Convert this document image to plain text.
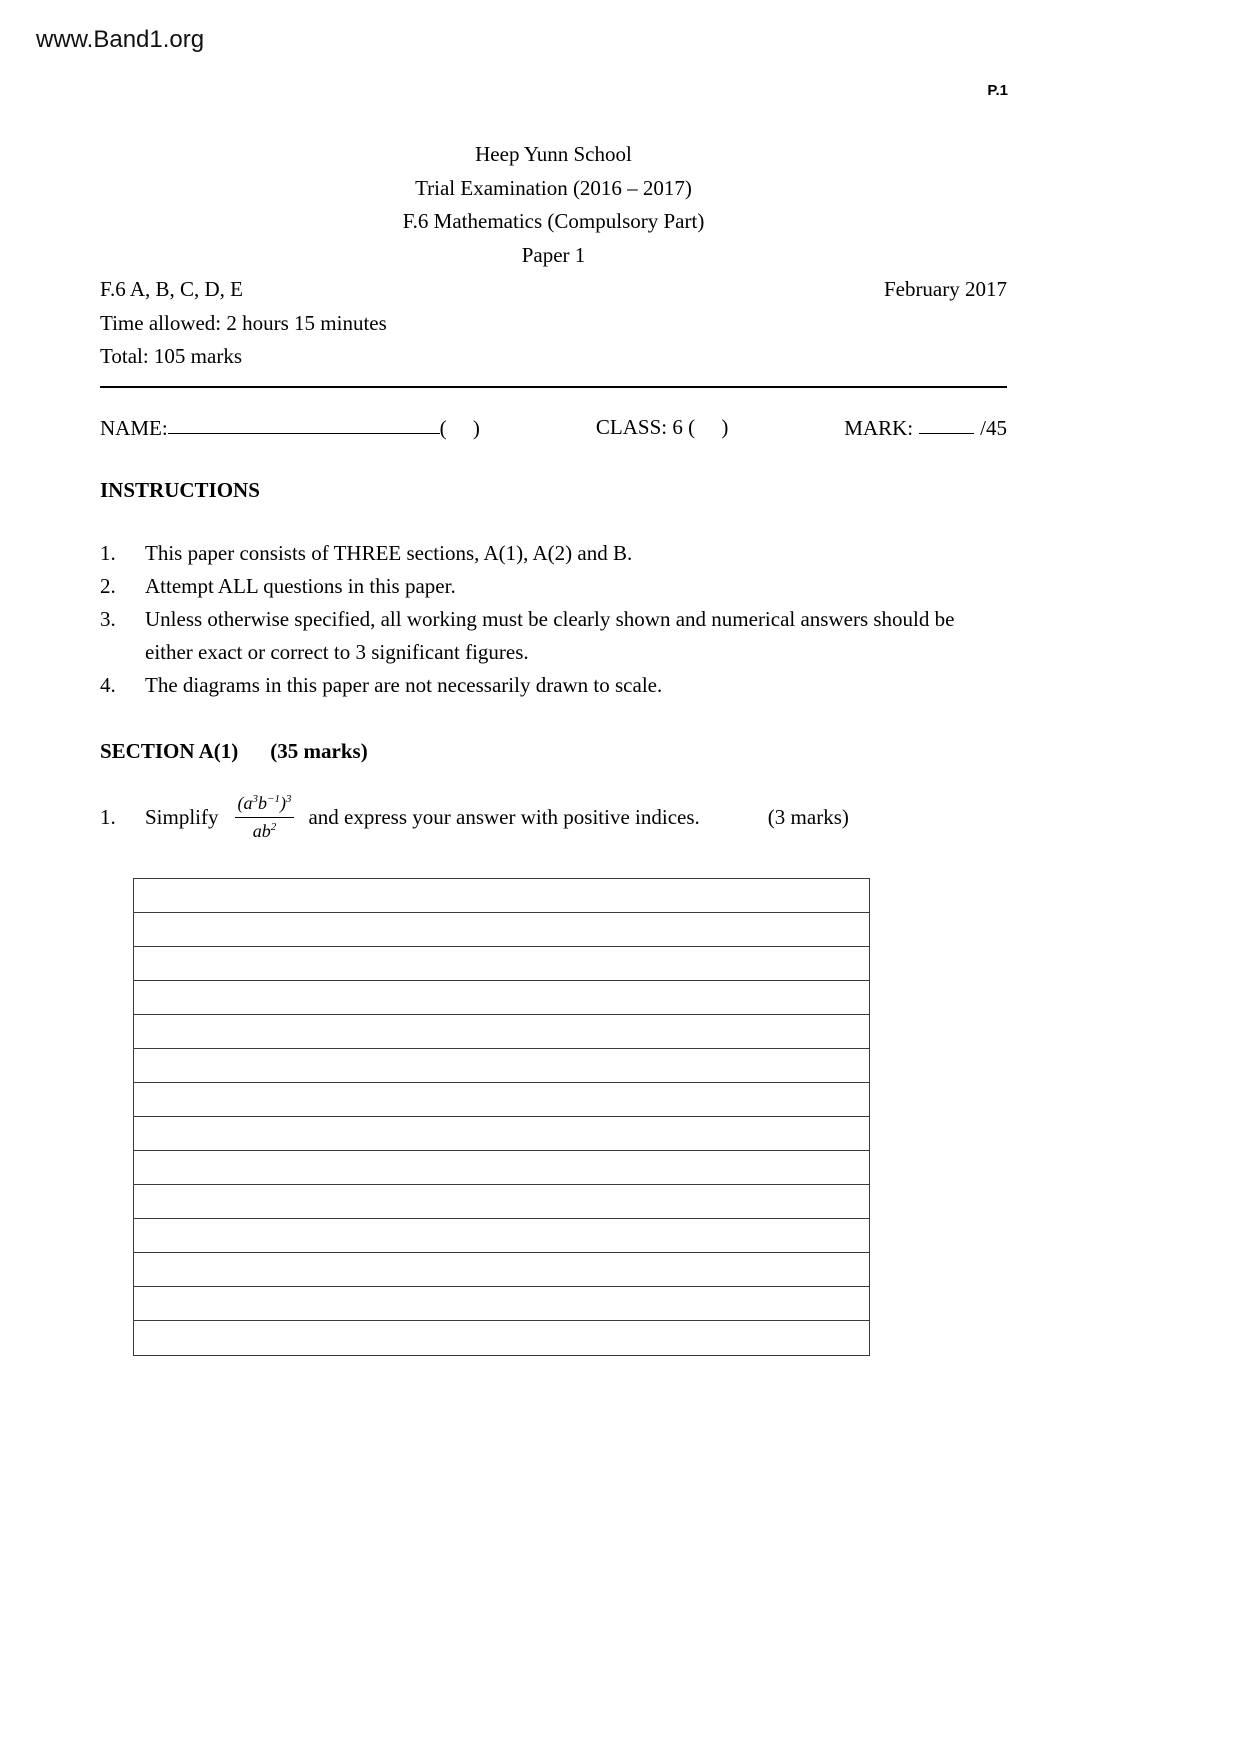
www.Band1.org
P.1
Heep Yunn School
Trial Examination (2016 – 2017)
F.6 Mathematics (Compulsory Part)
Paper 1
F.6 A, B, C, D, E	February 2017
Time allowed: 2 hours 15 minutes
Total: 105 marks
NAME:	(     )	CLASS: 6 (     )	MARK:	/45
INSTRUCTIONS
1.	This paper consists of THREE sections, A(1), A(2) and B.
2.	Attempt ALL questions in this paper.
3.	Unless otherwise specified, all working must be clearly shown and numerical answers should be either exact or correct to 3 significant figures.
4.	The diagrams in this paper are not necessarily drawn to scale.
SECTION A(1) (35 marks)
1.	Simplify $\frac{(a^3b^{-1})^3}{ab^2}$ and express your answer with positive indices.	(3 marks)
